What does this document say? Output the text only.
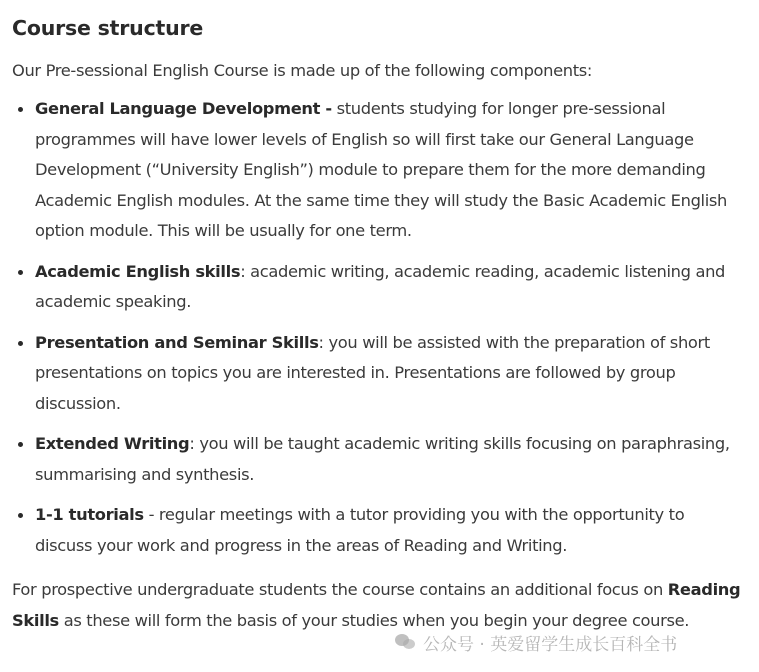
Course structure

Our Pre-sessional English Course is made up of the following components:

General Language Development - students studying for longer pre-sessional programmes will have lower levels of English so will first take our General Language Development (“University English”) module to prepare them for the more demanding Academic English modules. At the same time they will study the Basic Academic English option module. This will be usually for one term.
Academic English skills: academic writing, academic reading, academic listening and academic speaking.
Presentation and Seminar Skills: you will be assisted with the preparation of short presentations on topics you are interested in. Presentations are followed by group discussion.
Extended Writing: you will be taught academic writing skills focusing on paraphrasing, summarising and synthesis.
1-1 tutorials - regular meetings with a tutor providing you with the opportunity to discuss your work and progress in the areas of Reading and Writing.

For prospective undergraduate students the course contains an additional focus on Reading Skills as these will form the basis of your studies when you begin your degree course.

公众号 · 英爱留学生成长百科全书
